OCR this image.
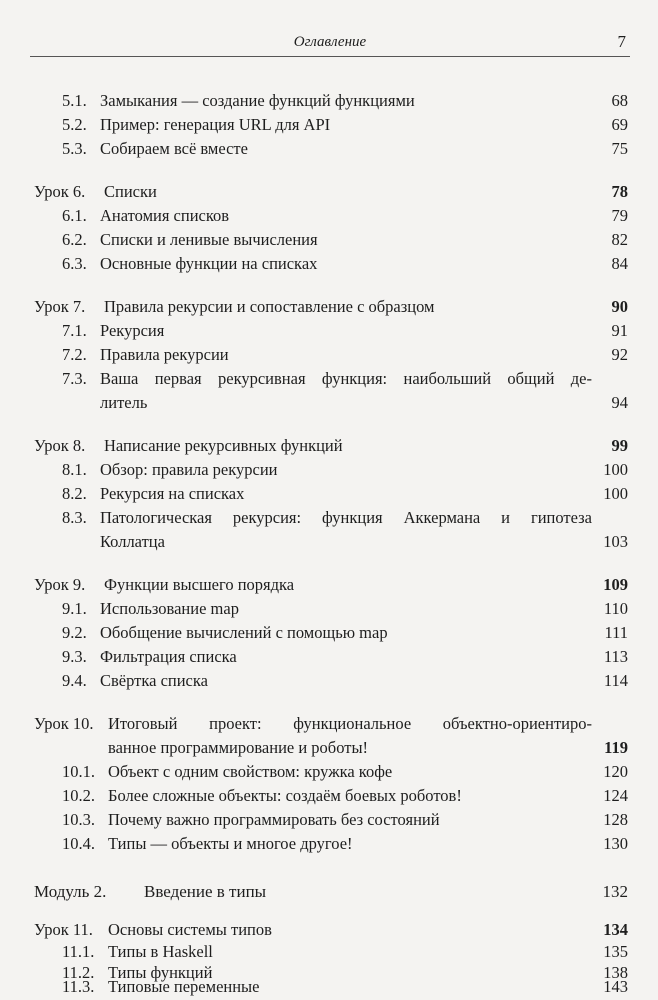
Оглавление	7
5.1. Замыкания — создание функций функциями	68
5.2. Пример: генерация URL для API	69
5.3. Собираем всё вместе	75
Урок 6. Списки	78
6.1. Анатомия списков	79
6.2. Списки и ленивые вычисления	82
6.3. Основные функции на списках	84
Урок 7. Правила рекурсии и сопоставление с образцом	90
7.1. Рекурсия	91
7.2. Правила рекурсии	92
7.3. Ваша первая рекурсивная функция: наибольший общий де-
литель	94
Урок 8. Написание рекурсивных функций	99
8.1. Обзор: правила рекурсии	100
8.2. Рекурсия на списках	100
8.3. Патологическая рекурсия: функция Аккермана и гипотеза
Коллатца	103
Урок 9. Функции высшего порядка	109
9.1. Использование map	110
9.2. Обобщение вычислений с помощью map	111
9.3. Фильтрация списка	113
9.4. Свёртка списка	114
Урок 10. Итоговый проект: функциональное объектно-ориентиро-
ванное программирование и роботы!	119
10.1. Объект с одним свойством: кружка кофе	120
10.2. Более сложные объекты: создаём боевых роботов!	124
10.3. Почему важно программировать без состояний	128
10.4. Типы — объекты и многое другое!	130
Модуль 2. Введение в типы	132
Урок 11. Основы системы типов	134
11.1. Типы в Haskell	135
11.2. Типы функций	138
11.3. Типовые переменные	143
